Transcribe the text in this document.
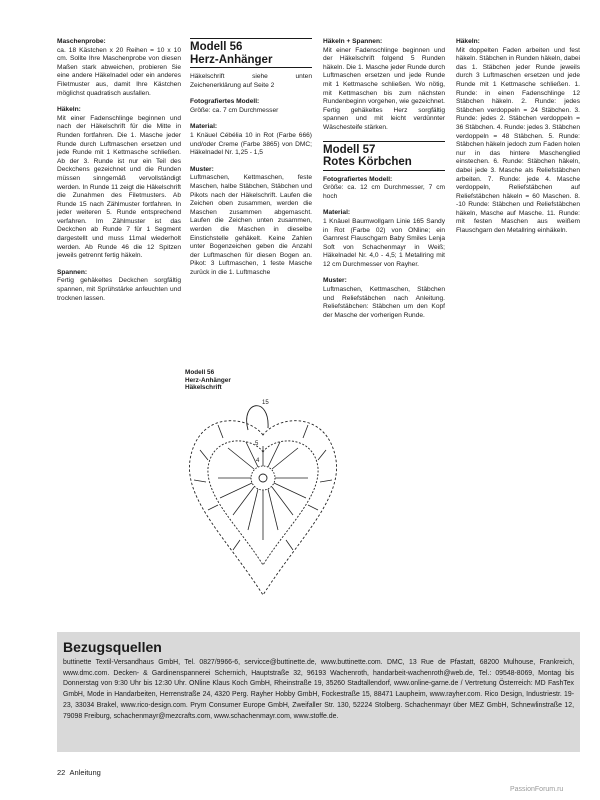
Maschenprobe:
ca. 18 Kästchen x 20 Reihen = 10 x 10 cm. Sollte Ihre Maschenprobe von diesen Maßen stark abweichen, probieren Sie eine andere Häkelnadel oder ein anderes Filetmuster aus, damit Ihre Kästchen möglichst quadratisch ausfallen.
Häkeln:
Mit einer Fadenschlinge beginnen und nach der Häkelschrift für die Mitte in Runden fortfahren. Die 1. Masche jeder Runde durch Luftmaschen ersetzen und jede Runde mit 1 Kettmasche schließen. Ab der 3. Runde ist nur ein Teil des Deckchens gezeichnet und die Runden müssen sinngemäß vervollständigt werden. In Runde 11 zeigt die Häkelschrift die Zunahmen des Filetmusters. Ab Runde 15 nach Zählmuster fortfahren. In jeder weiteren 5. Runde entsprechend verfahren. Im Zählmuster ist das Deckchen ab Runde 7 für 1 Segment dargestellt und muss 11mal wiederholt werden. Ab Runde 46 die 12 Spitzen jeweils getrennt fertig häkeln.
Spannen:
Fertig gehäkeltes Deckchen sorgfältig spannen, mit Sprühstärke anfeuchten und trocknen lassen.
Modell 56
Herz-Anhänger
Häkelschrift siehe unten Zeichenerklärung auf Seite 2
Fotografiertes Modell:
Größe: ca. 7 cm Durchmesser
Material:
1 Knäuel Cébélia 10 in Rot (Farbe 666) und/oder Creme (Farbe 3865) von DMC; Häkelnadel Nr. 1,25 - 1,5
Muster:
Luftmaschen, Kettmaschen, feste Maschen, halbe Stäbchen, Stäbchen und Pikots nach der Häkelschrift. Laufen die Zeichen oben zusammen, werden die Maschen zusammen abgemascht. Laufen die Zeichen unten zusammen, werden die Maschen in dieselbe Einstichstelle gehäkelt. Keine Zahlen unter Bogenzeichen geben die Anzahl der Luftmaschen für diesen Bogen an. Pikot: 3 Luftmaschen, 1 feste Masche zurück in die 1. Luftmasche
Häkeln + Spannen:
Mit einer Fadenschlinge beginnen und der Häkelschrift folgend 5 Runden häkeln. Die 1. Masche jeder Runde durch Luftmaschen ersetzen und jede Runde mit 1 Kettmasche schließen. Wo nötig, mit Kettmaschen bis zum nächsten Rundenbeginn vorgehen, wie gezeichnet. Fertig gehäkeltes Herz sorgfältig spannen und mit leicht verdünnter Wäschesteife stärken.
Modell 57
Rotes Körbchen
Fotografiertes Modell:
Größe: ca. 12 cm Durchmesser, 7 cm hoch
Material:
1 Knäuel Baumwollgarn Linie 165 Sandy in Rot (Farbe 02) von ONline; ein Garnrest Flauschgarn Baby Smiles Lenja Soft von Schachenmayr in Weiß; Häkelnadel Nr. 4,0 - 4,5; 1 Metallring mit 12 cm Durchmesser von Rayher.
Muster:
Luftmaschen, Kettmaschen, Stäbchen und Reliefstäbchen nach Anleitung. Reliefstäbchen: Stäbchen um den Kopf der Masche der vorherigen Runde.
Häkeln:
Mit doppelten Faden arbeiten und fest häkeln. Stäbchen in Runden häkeln, dabei das 1. Stäbchen jeder Runde jeweils durch 3 Luftmaschen ersetzen und jede Runde mit 1 Kettmasche schließen. 1. Runde: in einen Fadenschlinge 12 Stäbchen häkeln. 2. Runde: jedes Stäbchen verdoppeln = 24 Stäbchen. 3. Runde: jedes 2. Stäbchen verdoppeln = 36 Stäbchen. 4. Runde: jedes 3. Stäbchen verdoppeln = 48 Stäbchen. 5. Runde: Stäbchen häkeln jedoch zum Faden holen nur in das hintere Maschenglied einstechen. 6. Runde: Stäbchen häkeln, dabei jede 3. Masche als Reliefstäbchen arbeiten. 7. Runde: jede 4. Masche verdoppeln, Reliefstäbchen auf Reliefstäbchen häkeln = 60 Maschen. 8. -10 Runde: Stäbchen und Reliefstäbchen häkeln, Masche auf Masche. 11. Runde: mit festen Maschen aus weißem Flauschgarn den Metallring einhäkeln.
Modell 56
Herz-Anhänger
Häkelschrift
15
5
4
Bezugsquellen
buttinette Textil-Versandhaus GmbH, Tel. 0827/9966-6, servicce@buttinette.de, www.buttinette.com. DMC, 13 Rue de Pfastatt, 68200 Mulhouse, Frankreich, www.dmc.com. Decken- & Gardinenspannerei Schernich, Hauptstraße 32, 96193 Wachenroth, handarbeit-wachenroth@web.de, Tel.: 09548-8069, Montag bis Donnerstag von 9:30 Uhr bis 12:30 Uhr. ONline Klaus Koch GmbH, Rheinstraße 19, 35260 Stadtallendorf, www.online-garne.de / Vertretung Österreich: MD FashTex GmbH, Mode in Handarbeiten, Herrenstraße 24, 4320 Perg. Rayher Hobby GmbH, Fockestraße 15, 88471 Laupheim, www.rayher.com. Rico Design, Industriestr. 19-23, 33034 Brakel, www.rico-design.com. Prym Consumer Europe GmbH, Zweifaller Str. 130, 52224 Stolberg. Schachenmayr über MEZ GmbH, Schnewlinstraße 12, 79098 Freiburg, schachenmayr@mezcrafts.com, www.schachenmayr.com, www.stoffe.de.
22 Anleitung
PassionForum.ru
